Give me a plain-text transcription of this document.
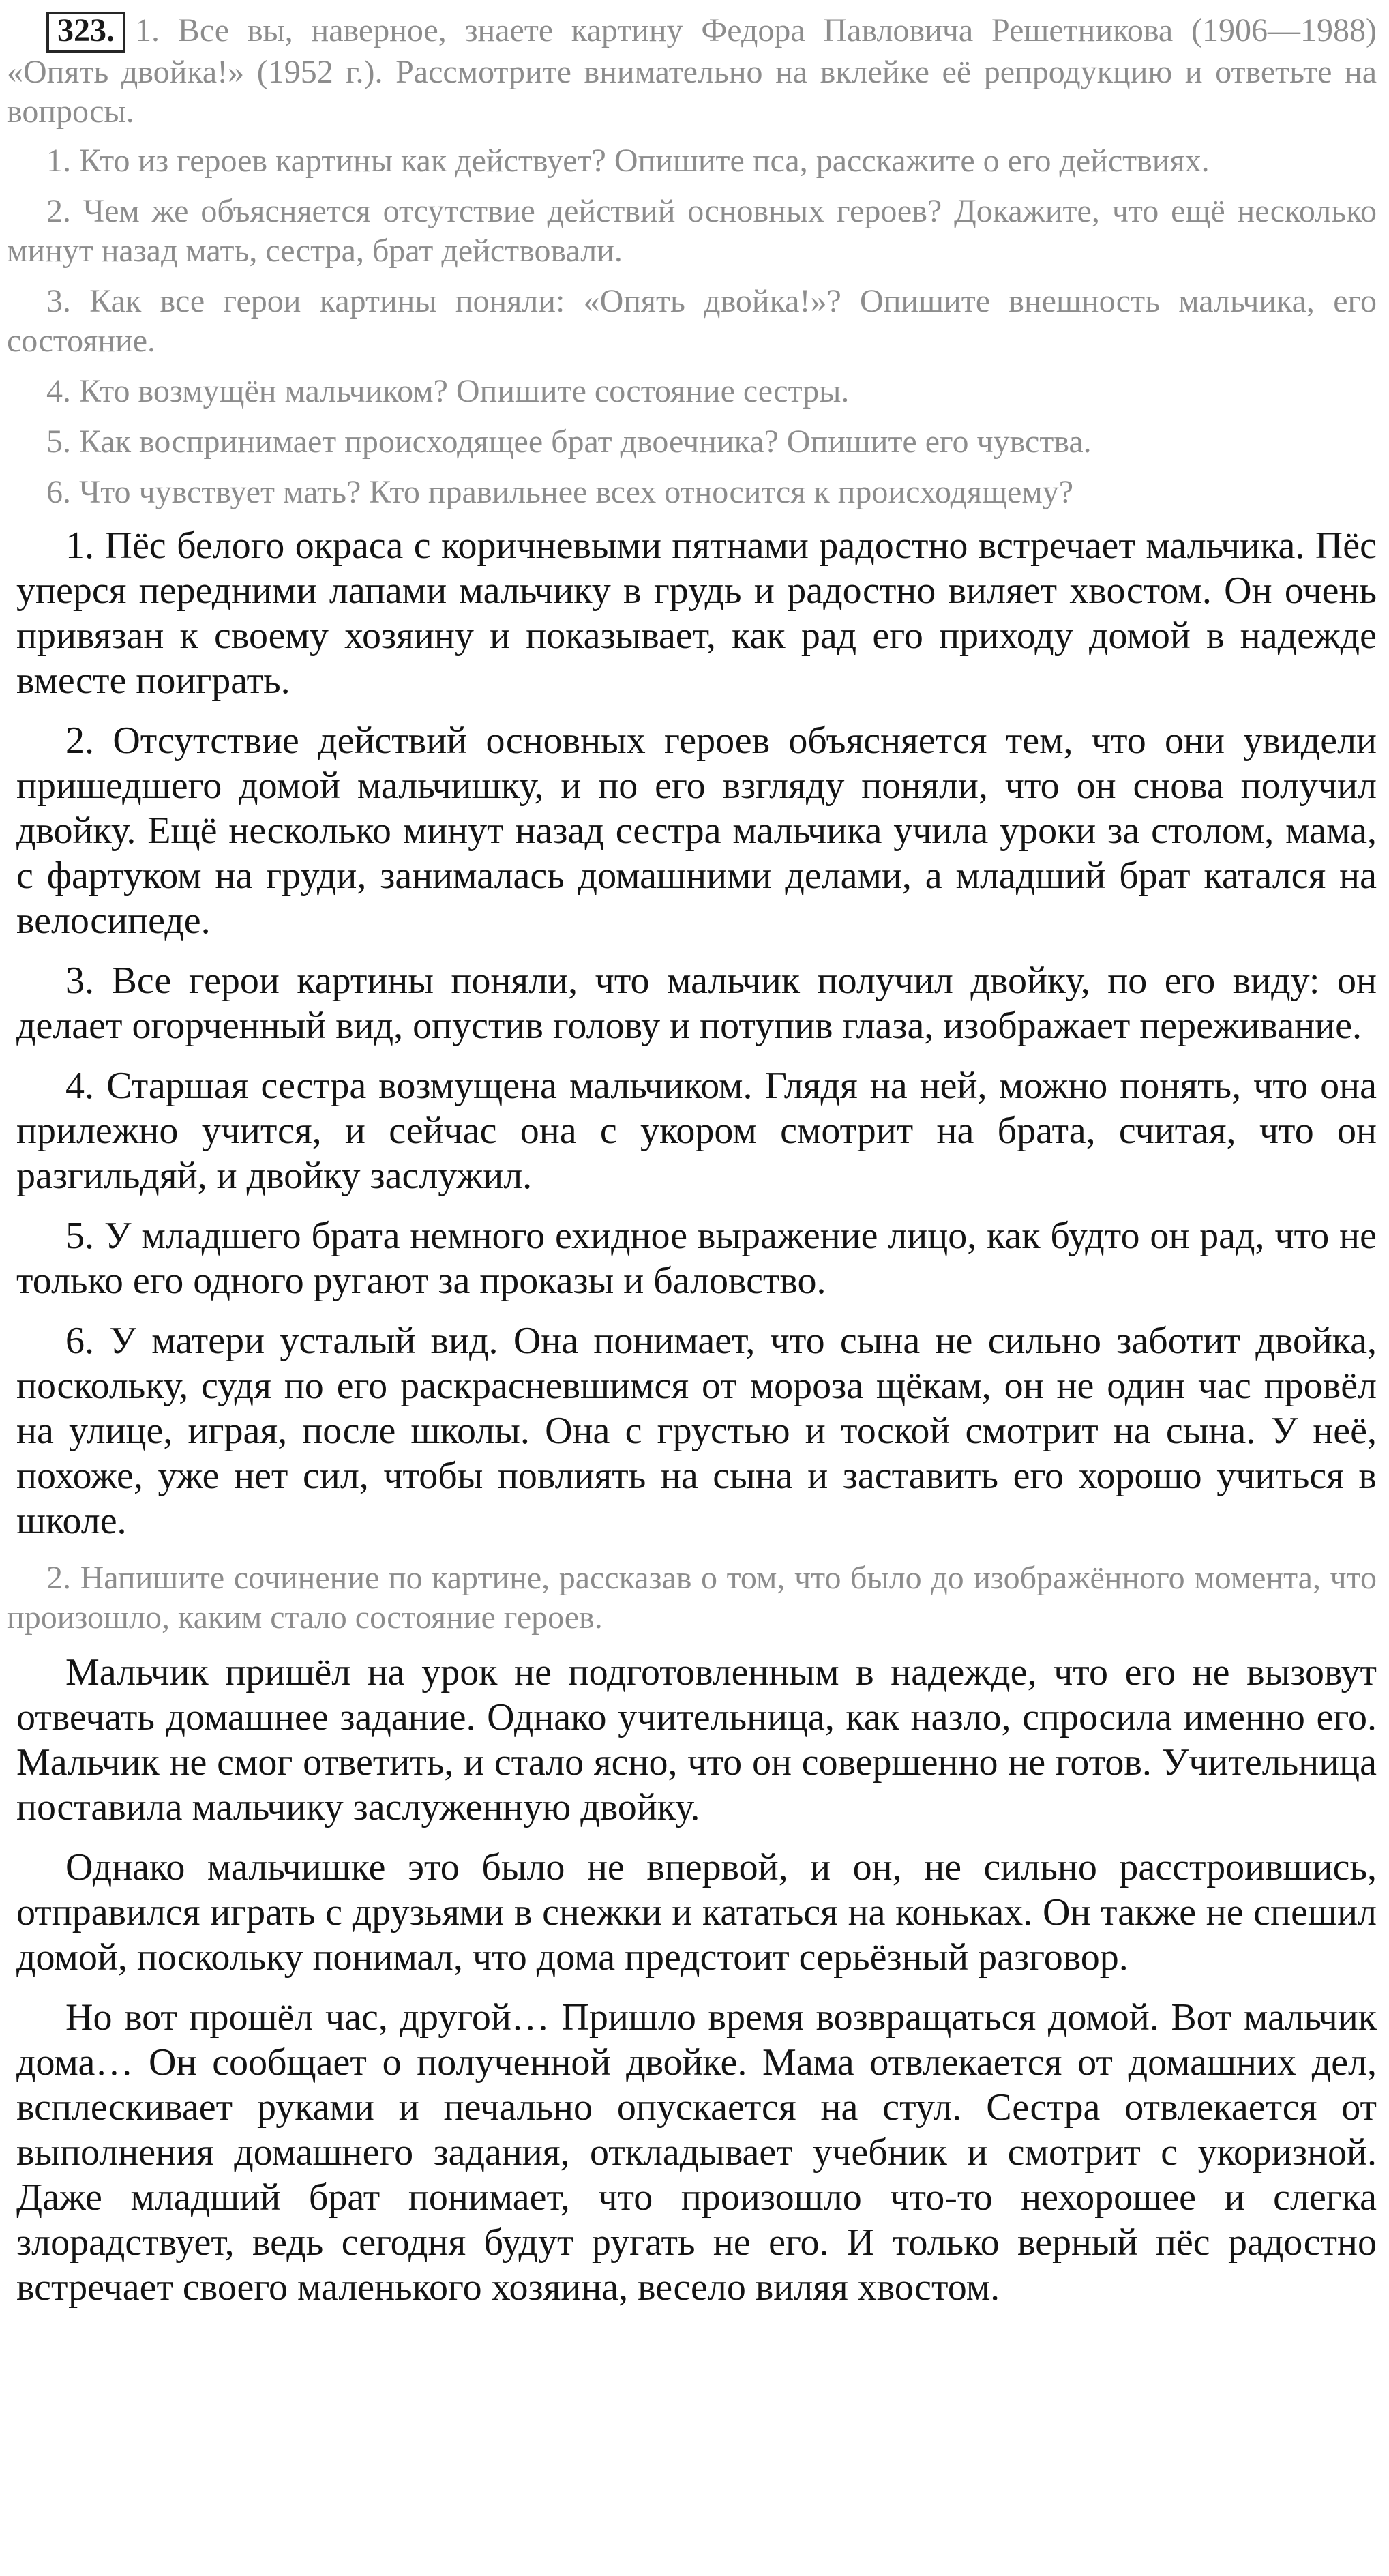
323. 1. Все вы, наверное, знаете картину Федора Павловича Решетникова (1906—1988) «Опять двойка!» (1952 г.). Рассмотрите внимательно на вклейке её репродукцию и ответьте на вопросы.

1. Кто из героев картины как действует? Опишите пса, расскажите о его действиях.

2. Чем же объясняется отсутствие действий основных героев? Докажите, что ещё несколько минут назад мать, сестра, брат действовали.

3. Как все герои картины поняли: «Опять двойка!»? Опишите внешность мальчика, его состояние.

4. Кто возмущён мальчиком? Опишите состояние сестры.

5. Как воспринимает происходящее брат двоечника? Опишите его чувства.

6. Что чувствует мать? Кто правильнее всех относится к происходящему?

1. Пёс белого окраса с коричневыми пятнами радостно встречает мальчика. Пёс уперся передними лапами мальчику в грудь и радостно виляет хвостом. Он очень привязан к своему хозяину и показывает, как рад его приходу домой в надежде вместе поиграть.

2. Отсутствие действий основных героев объясняется тем, что они увидели пришедшего домой мальчишку, и по его взгляду поняли, что он снова получил двойку. Ещё несколько минут назад сестра мальчика учила уроки за столом, мама, с фартуком на груди, занималась домашними делами, а младший брат катался на велосипеде.

3. Все герои картины поняли, что мальчик получил двойку, по его виду: он делает огорченный вид, опустив голову и потупив глаза, изображает переживание.

4. Старшая сестра возмущена мальчиком. Глядя на ней, можно понять, что она прилежно учится, и сейчас она с укором смотрит на брата, считая, что он разгильдяй, и двойку заслужил.

5. У младшего брата немного ехидное выражение лицо, как будто он рад, что не только его одного ругают за проказы и баловство.

6. У матери усталый вид. Она понимает, что сына не сильно заботит двойка, поскольку, судя по его раскрасневшимся от мороза щёкам, он не один час провёл на улице, играя, после школы. Она с грустью и тоской смотрит на сына. У неё, похоже, уже нет сил, чтобы повлиять на сына и заставить его хорошо учиться в школе.

2. Напишите сочинение по картине, рассказав о том, что было до изображённого момента, что произошло, каким стало состояние героев.

Мальчик пришёл на урок не подготовленным в надежде, что его не вызовут отвечать домашнее задание. Однако учительница, как назло, спросила именно его. Мальчик не смог ответить, и стало ясно, что он совершенно не готов. Учительница поставила мальчику заслуженную двойку.

Однако мальчишке это было не впервой, и он, не сильно расстроившись, отправился играть с друзьями в снежки и кататься на коньках. Он также не спешил домой, поскольку понимал, что дома предстоит серьёзный разговор.

Но вот прошёл час, другой… Пришло время возвращаться домой. Вот мальчик дома… Он сообщает о полученной двойке. Мама отвлекается от домашних дел, всплескивает руками и печально опускается на стул. Сестра отвлекается от выполнения домашнего задания, откладывает учебник и смотрит с укоризной. Даже младший брат понимает, что произошло что-то нехорошее и слегка злорадствует, ведь сегодня будут ругать не его. И только верный пёс радостно встречает своего маленького хозяина, весело виляя хвостом.
